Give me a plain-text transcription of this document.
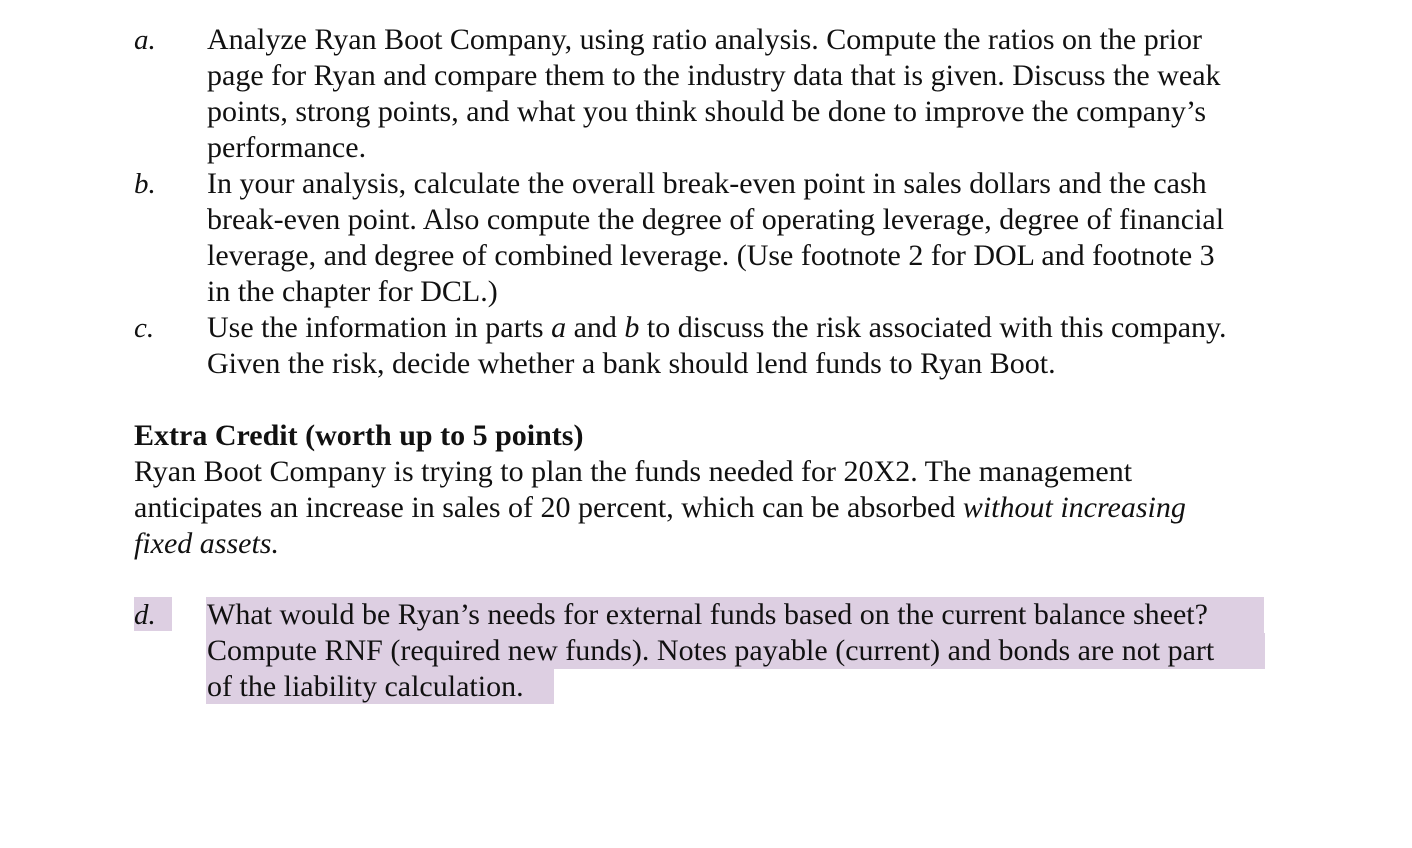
a.	Analyze Ryan Boot Company, using ratio analysis. Compute the ratios on the prior
page for Ryan and compare them to the industry data that is given. Discuss the weak
points, strong points, and what you think should be done to improve the company’s
performance.
b.	In your analysis, calculate the overall break-even point in sales dollars and the cash
break-even point. Also compute the degree of operating leverage, degree of financial
leverage, and degree of combined leverage. (Use footnote 2 for DOL and footnote 3
in the chapter for DCL.)
c.	Use the information in parts a and b to discuss the risk associated with this company.
Given the risk, decide whether a bank should lend funds to Ryan Boot.
Extra Credit (worth up to 5 points)
Ryan Boot Company is trying to plan the funds needed for 20X2. The management
anticipates an increase in sales of 20 percent, which can be absorbed without increasing
fixed assets.
d.	What would be Ryan’s needs for external funds based on the current balance sheet?
Compute RNF (required new funds). Notes payable (current) and bonds are not part
of the liability calculation.
